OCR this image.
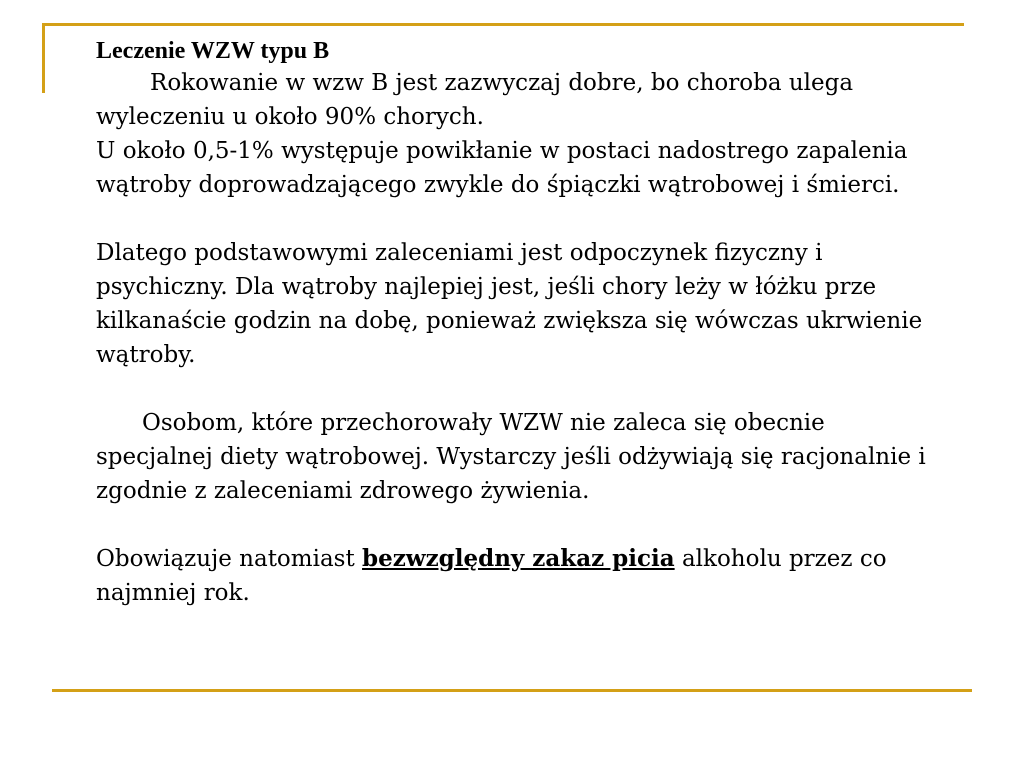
Leczenie WZW typu B

Rokowanie w wzw B jest zazwyczaj dobre, bo choroba ulega wyleczeniu u około 90% chorych.

U około 0,5-1% występuje powikłanie w postaci nadostrego zapalenia wątroby doprowadzającego zwykle do śpiączki wątrobowej i śmierci.

Dlatego podstawowymi zaleceniami jest odpoczynek fizyczny i psychiczny. Dla wątroby najlepiej jest, jeśli chory leży w łóżku prze kilkanaście godzin na dobę, ponieważ zwiększa się wówczas ukrwienie wątroby.

Osobom, które przechorowały WZW nie zaleca się obecnie specjalnej diety wątrobowej. Wystarczy jeśli odżywiają się racjonalnie i zgodnie z zaleceniami zdrowego żywienia.

Obowiązuje natomiast bezwzględny zakaz picia alkoholu przez co najmniej rok.
